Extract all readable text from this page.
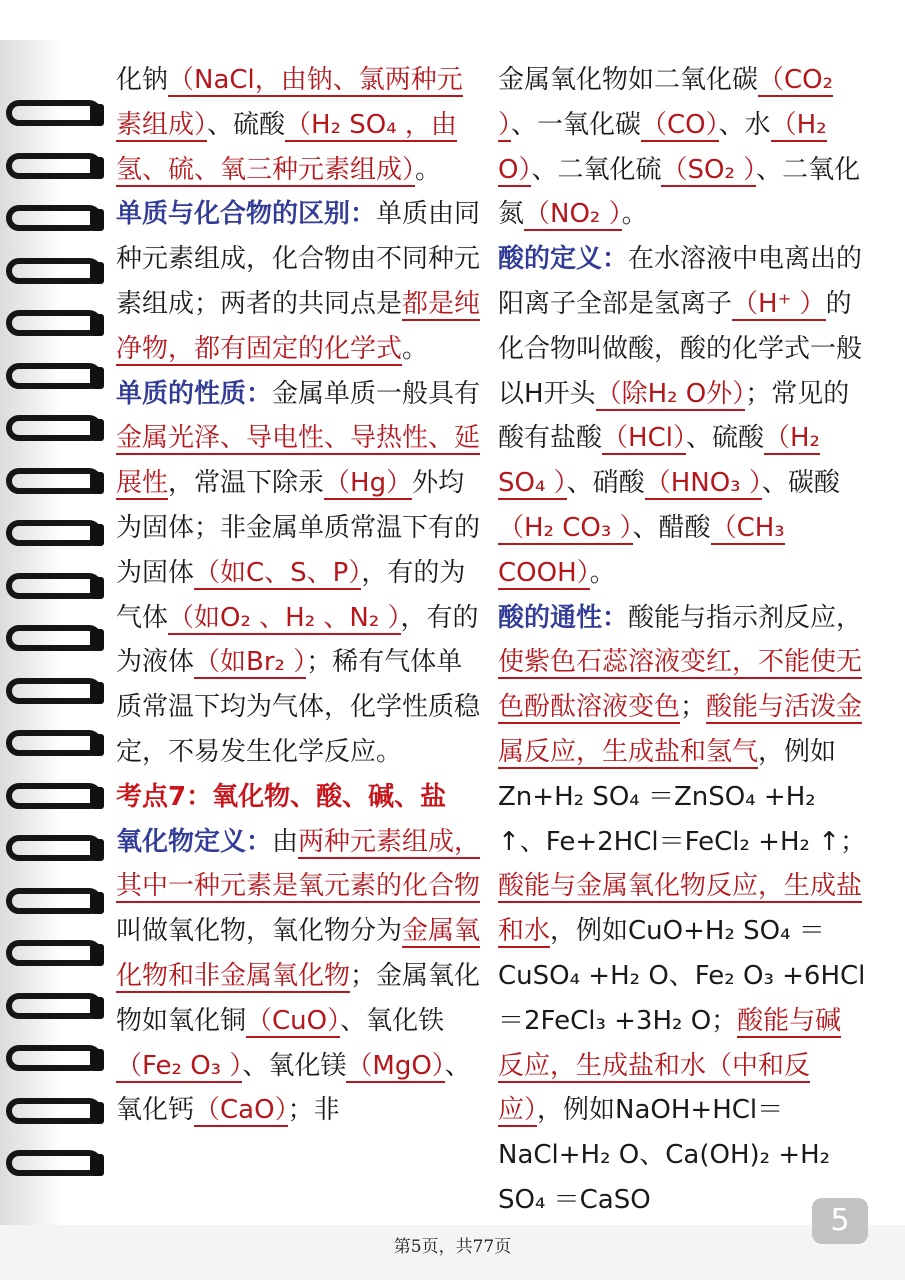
化钠（NaCl，由钠、氯两种元素组成）、硫酸（H₂ SO₄ ，由氢、硫、氧三种元素组成）。
单质与化合物的区别：单质由同种元素组成，化合物由不同种元素组成；两者的共同点是都是纯净物，都有固定的化学式。
单质的性质：金属单质一般具有金属光泽、导电性、导热性、延展性，常温下除汞（Hg）外均为固体；非金属单质常温下有的为固体（如C、S、P），有的为气体（如O₂ 、H₂ 、N₂ ），有的为液体（如Br₂ ）；稀有气体单质常温下均为气体，化学性质稳定，不易发生化学反应。
考点7：氧化物、酸、碱、盐
氧化物定义：由两种元素组成，其中一种元素是氧元素的化合物叫做氧化物，氧化物分为金属氧化物和非金属氧化物；金属氧化物如氧化铜（CuO）、氧化铁（Fe₂ O₃ ）、氧化镁（MgO）、氧化钙（CaO）；非
金属氧化物如二氧化碳（CO₂ ）、一氧化碳（CO）、水（H₂ O）、二氧化硫（SO₂ ）、二氧化氮（NO₂ ）。
酸的定义：在水溶液中电离出的阳离子全部是氢离子（H⁺ ）的化合物叫做酸，酸的化学式一般以H开头（除H₂ O外）；常见的酸有盐酸（HCl）、硫酸（H₂ SO₄ ）、硝酸（HNO₃ ）、碳酸（H₂ CO₃ ）、醋酸（CH₃ COOH）。
酸的通性：酸能与指示剂反应，使紫色石蕊溶液变红，不能使无色酚酞溶液变色；酸能与活泼金属反应，生成盐和氢气，例如Zn+H₂ SO₄ ＝ZnSO₄ +H₂ ↑、Fe+2HCl＝FeCl₂ +H₂ ↑；酸能与金属氧化物反应，生成盐和水，例如CuO+H₂ SO₄ ＝CuSO₄ +H₂ O、Fe₂ O₃ +6HCl＝2FeCl₃ +3H₂ O；酸能与碱反应，生成盐和水（中和反应），例如NaOH+HCl＝NaCl+H₂ O、Ca(OH)₂ +H₂ SO₄ ＝CaSO
5
第5页，共77页
